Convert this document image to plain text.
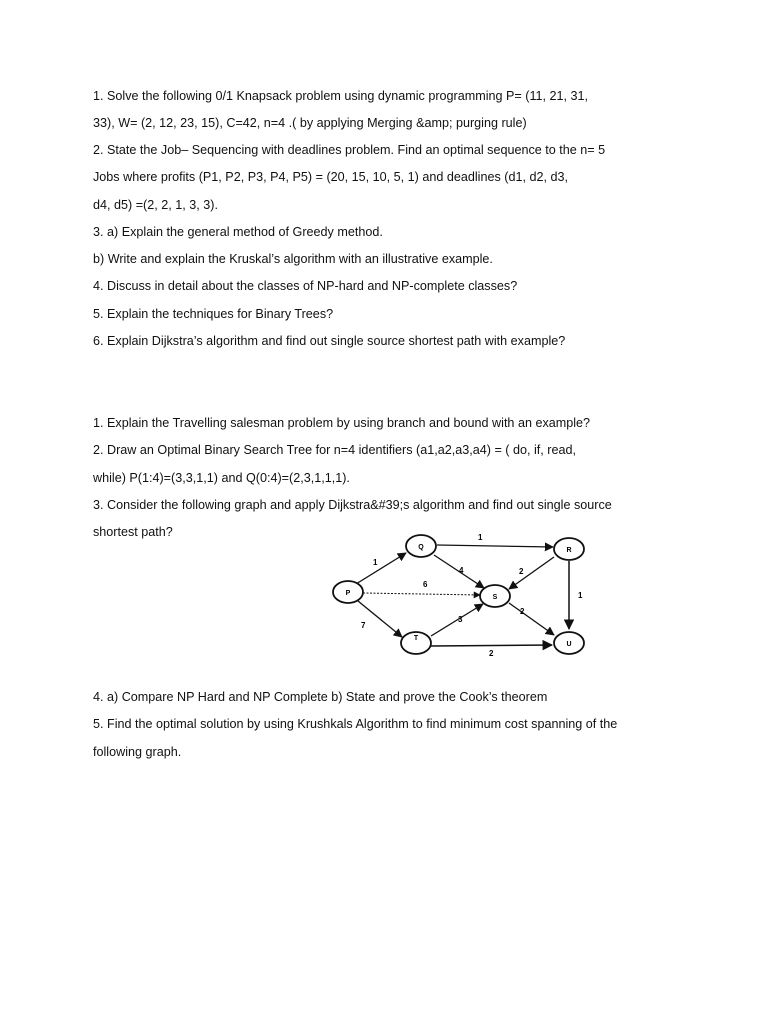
1. Solve the following 0/1 Knapsack problem using dynamic programming P= (11, 21, 31,
33), W= (2, 12, 23, 15), C=42, n=4 .( by applying Merging &amp; purging rule)
2. State the Job– Sequencing with deadlines problem. Find an optimal sequence to the n= 5
Jobs where profits (P1, P2, P3, P4, P5) = (20, 15, 10, 5, 1) and deadlines (d1, d2, d3,
d4, d5) =(2, 2, 1, 3, 3).
3. a) Explain the general method of Greedy method.
b) Write and explain the Kruskal’s algorithm with an illustrative example.
4. Discuss in detail about the classes of NP-hard and NP-complete classes?
5. Explain the techniques for Binary Trees?
6. Explain Dijkstra’s algorithm and find out single source shortest path with example?
1. Explain the Travelling salesman problem by using branch and bound with an example?
2. Draw an Optimal Binary Search Tree for n=4 identifiers (a1,a2,a3,a4) = ( do, if, read,
while) P(1:4)=(3,3,1,1) and Q(0:4)=(2,3,1,1,1).
3. Consider the following graph and apply Dijkstra&#39;s algorithm and find out single source
shortest path?
1
1
6
4	2
7
3
2
1
2
P
Q	R
S
T
U
4. a) Compare NP Hard and NP Complete b) State and prove the Cook’s theorem
5. Find the optimal solution by using Krushkals Algorithm to find minimum cost spanning of the
following graph.
